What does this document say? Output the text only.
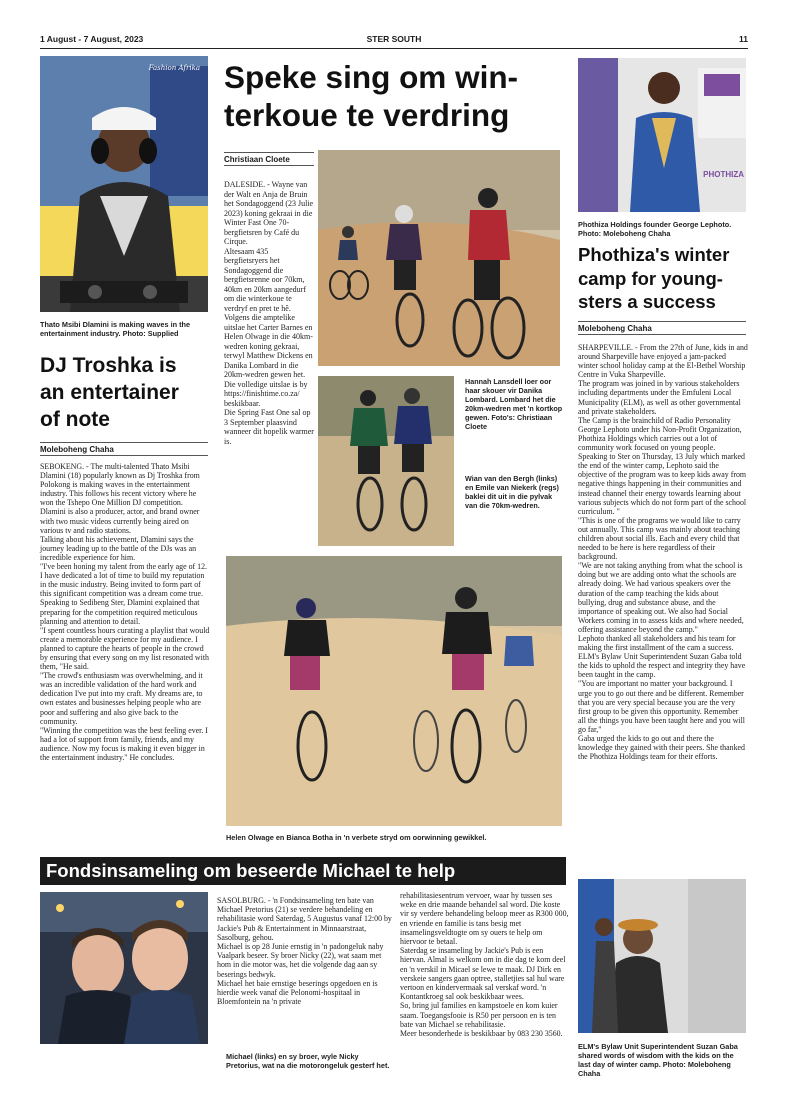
1 August - 7 August, 2023	STER SOUTH	11
Fashion Afrika
Thato Msibi Dlamini is making waves in the entertainment industry. Photo: Supplied
DJ Troshka is
an entertainer
of note
Moleboheng Chaha

SEBOKENG. - The multi-talented Thato Msibi Dlamini (18) popularly known as Dj Troshka from Polokong is making waves in the entertainment industry. This follows his recent victory where he won the Tshepo One Million DJ competition.

Dlamini is also a producer, actor, and brand owner with two music videos currently being aired on various tv and radio stations.

Talking about his achievement, Dlamini says the journey leading up to the battle of the DJs was an incredible experience for him.

"I've been honing my talent from the early age of 12. I have dedicated a lot of time to build my reputation in the music industry. Being invited to form part of this significant competition was a dream come true.

Speaking to Sedibeng Ster, Dlamini explained that preparing for the competition required meticulous planning and attention to detail.

"I spent countless hours curating a playlist that would create a memorable experience for my audience. I planned to capture the hearts of people in the crowd by ensuring that every song on my list resonated with them, "He said.

"The crowd's enthusiasm was overwhelming, and it was an incredible validation of the hard work and dedication I've put into my craft. My dreams are, to own estates and businesses helping people who are poor and suffering and also give back to the community.

"Winning the competition was the best feeling ever. I had a lot of support from family, friends, and my audience. Now my focus is making it even bigger in the entertainment industry." He concludes.

Speke sing om win-
terkoue te verdring
Christiaan Cloete

DALESIDE. - Wayne van der Walt en Anja de Bruin het Sondagoggend (23 Julie 2023) koning gekraai in die Winter Fast One 70-bergfietsren by Café du Cirque.

Altesaam 435 bergfietsryers het Sondagoggend die bergfietsrenne oor 70km, 40km en 20km aangedurf om die winterkoue te verdryf en pret te hê.

Volgens die amptelike uitslae het Carter Barnes en Helen Olwage in die 40km-wedren koning gekraai, terwyl Matthew Dickens en Danika Lombard in die 20km-wedren gewen het.

Die volledige uitslae is by https://finishtime.co.za/ beskikbaar.

Die Spring Fast One sal op 3 September plaasvind wanneer dit hopelik warmer is.

Hannah Lansdell loer oor haar skouer vir Danika Lombard. Lombard het die 20km-wedren met 'n kortkop gewen. Foto's: Christiaan Cloete
Wian van den Bergh (links) en Emile van Niekerk (regs) baklei dit uit in die pylvak van die 70km-wedren.
Helen Olwage en Bianca Botha in 'n verbete stryd om oorwinning gewikkel.
PHOTHIZA
Phothiza Holdings founder George Lephoto. Photo: Moleboheng Chaha
Phothiza's winter
camp for young-
sters a success
Moleboheng Chaha

SHARPEVILLE. - From the 27th of June, kids in and around Sharpeville have enjoyed a jam-packed winter school holiday camp at the El-Bethel Worship Centre in Vuka Sharpeville.

The program was joined in by various stakeholders including departments under the Emfuleni Local Municipality (ELM), as well as other governmental and private stakeholders.

The Camp is the brainchild of Radio Personality George Lephoto under his Non-Profit Organization, Phothiza Holdings which carries out a lot of community work focused on young people.

Speaking to Ster on Thursday, 13 July which marked the end of the winter camp, Lephoto said the objective of the program was to keep kids away from negative things happening in their communities and instead channel their energy towards learning about various subjects which do not form part of the school curriculum. "

"This is one of the programs we would like to carry out annually. This camp was mainly about teaching children about social ills. Each and every child that needed to be here is here regardless of their background.

"We are not taking anything from what the school is doing but we are adding onto what the schools are already doing. We had various speakers over the duration of the camp teaching the kids about bullying, drug and substance abuse, and the importance of speaking out. We also had Social Workers coming in to assess kids and where needed, offering assistance beyond the camp."

Lephoto thanked all stakeholders and his team for making the first installment of the cam a success.

ELM's Bylaw Unit Superintendent Suzan Gaba told the kids to uphold the respect and integrity they have been taught in the camp.

"You are important no matter your background. I urge you to go out there and be different. Remember that you are very special because you are the very first group to be given this opportunity. Remember all the things you have been taught here and you will go far,"

Gaba urged the kids to go out and there the knowledge they gained with their peers. She thanked the Phothiza Holdings team for their efforts.

ELM's Bylaw Unit Superintendent Suzan Gaba shared words of wisdom with the kids on the last day of winter camp. Photo: Moleboheng Chaha
Fondsinsameling om beseerde Michael te help
Michael (links) en sy broer, wyle Nicky Pretorius, wat na die motorongeluk gesterf het.

SASOLBURG. - 'n Fondsinsameling ten bate van Michael Pretorius (21) se verdere behandeling en rehabilitasie word Saterdag, 5 Augustus vanaf 12:00 by Jackie's Pub & Entertainment in Minnaarstraat, Sasolburg, gehou.

Michael is op 28 Junie ernstig in 'n padongeluk naby Vaalpark beseer. Sy broer Nicky (22), wat saam met hom in die motor was, het die volgende dag aan sy beserings bedwyk.

Michael het baie ernstige beserings opgedoen en is hierdie week vanaf die Pelonomi-hospitaal in Bloemfontein na 'n private

rehabilitasiesentrum vervoer, waar hy tussen ses weke en drie maande behandel sal word. Die koste vir sy verdere behandeling beloop meer as R300 000, en vriende en familie is tans besig met insamelingsveldtogte om sy ouers te help om hiervoor te betaal.

Saterdag se insameling by Jackie's Pub is een hiervan. Almal is welkom om in die dag te kom deel en 'n verskil in Micael se lewe te maak. DJ Dirk en verskeie sangers gaan optree, stalletjies sal hul ware vertoon en kindervermaak sal verskaf word. 'n Kontantkroeg sal ook beskikbaar wees.

So, bring jul families en kampstoele en kom kuier saam. Toegangsfooie is R50 per persoon en is ten bate van Michael se rehabilitasie.

Meer besonderhede is beskikbaar by 083 230 3560.
